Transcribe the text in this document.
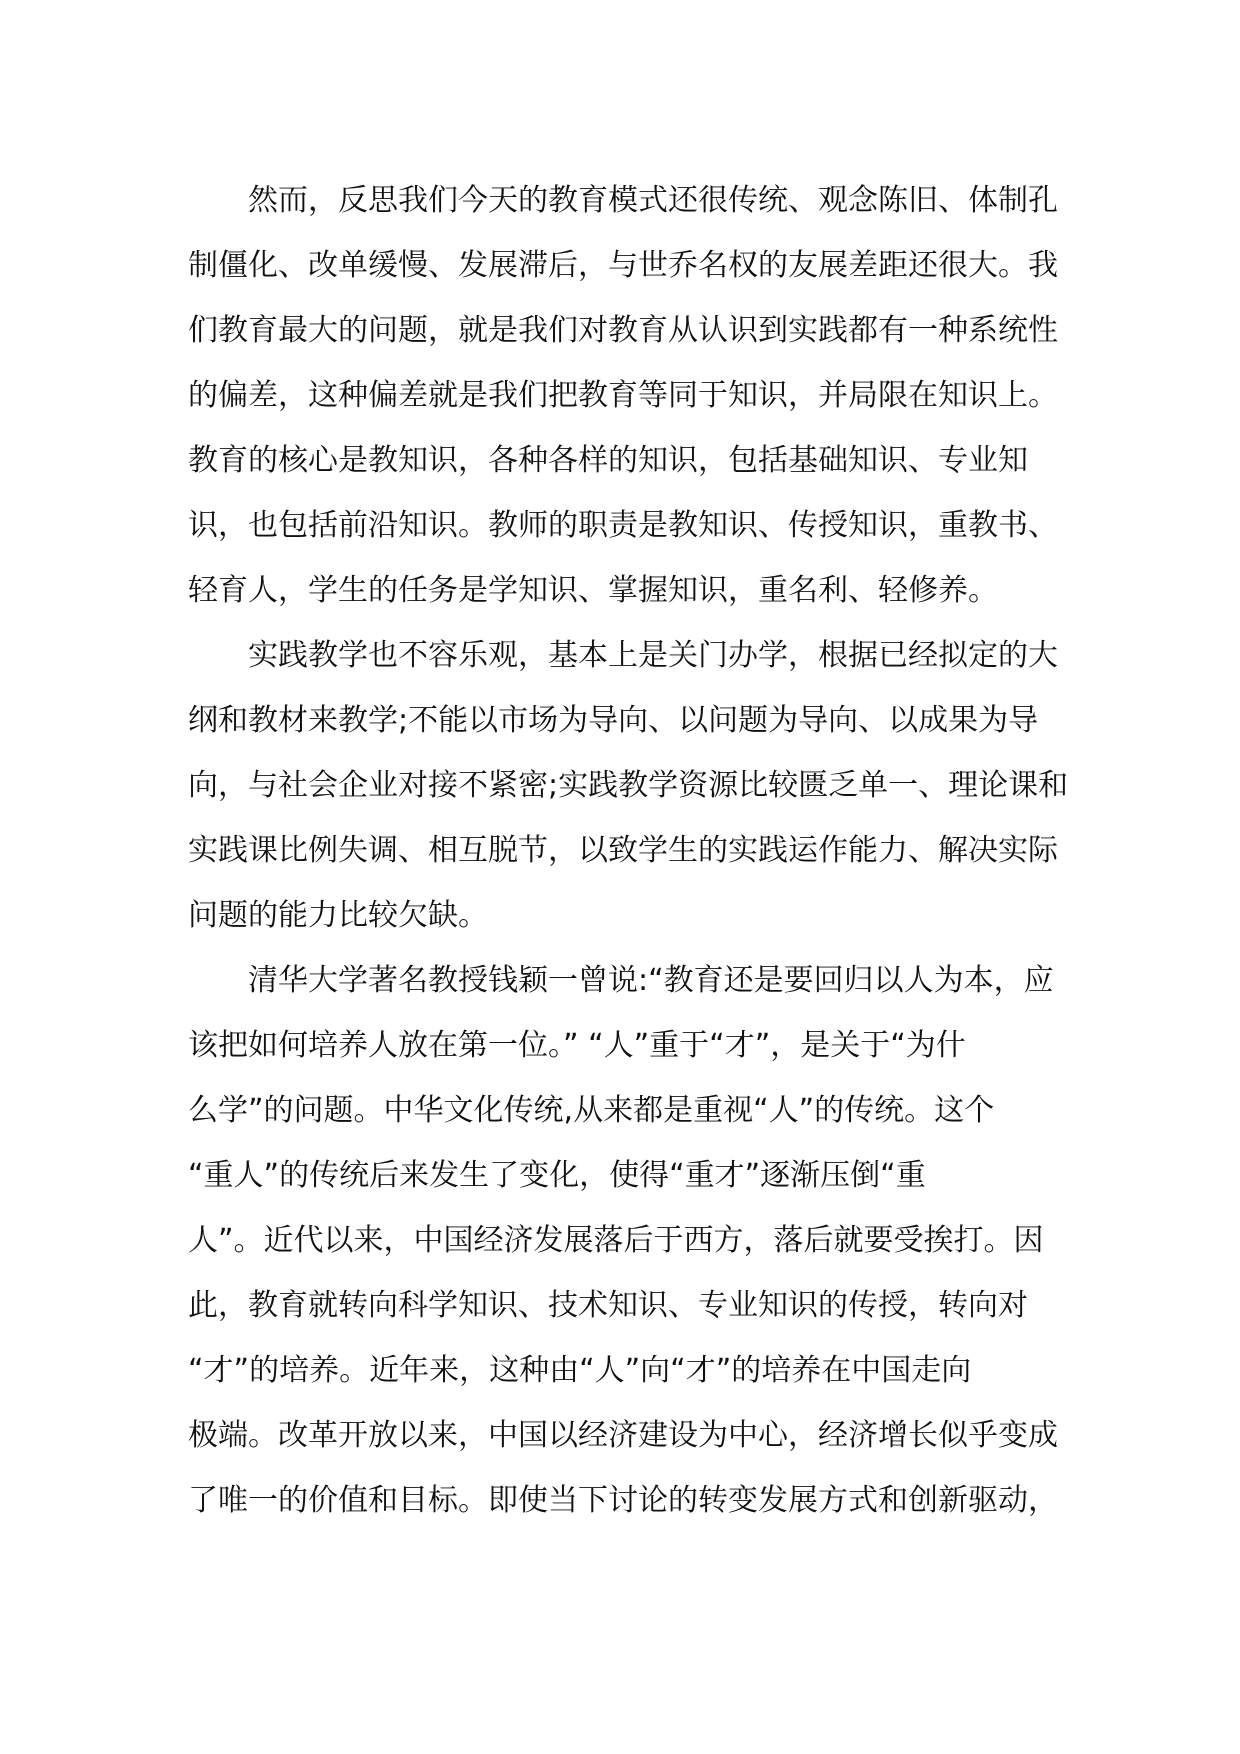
然而，反思我们今天的教育模式还很传统、观念陈旧、体制孔
制僵化、改单缓慢、发展滞后，与世乔名权的友展差距还很大。我
们教育最大的问题，就是我们对教育从认识到实践都有一种系统性
的偏差，这种偏差就是我们把教育等同于知识，并局限在知识上。
教育的核心是教知识，各种各样的知识，包括基础知识、专业知
识，也包括前沿知识。教师的职责是教知识、传授知识，重教书、
轻育人，学生的任务是学知识、掌握知识，重名利、轻修养。
实践教学也不容乐观，基本上是关门办学，根据已经拟定的大
纲和教材来教学;不能以市场为导向、以问题为导向、以成果为导
向，与社会企业对接不紧密;实践教学资源比较匮乏单一、理论课和
实践课比例失调、相互脱节，以致学生的实践运作能力、解决实际
问题的能力比较欠缺。
清华大学著名教授钱颖一曾说:“教育还是要回归以人为本，应
该把如何培养人放在第一位。” “人”重于“才”，是关于“为什
么学”的问题。中华文化传统,从来都是重视“人”的传统。这个
“重人”的传统后来发生了变化，使得“重才”逐渐压倒“重
人”。近代以来，中国经济发展落后于西方，落后就要受挨打。因
此，教育就转向科学知识、技术知识、专业知识的传授，转向对
“才”的培养。近年来，这种由“人”向“才”的培养在中国走向
极端。改革开放以来，中国以经济建设为中心，经济增长似乎变成
了唯一的价值和目标。即使当下讨论的转变发展方式和创新驱动，
